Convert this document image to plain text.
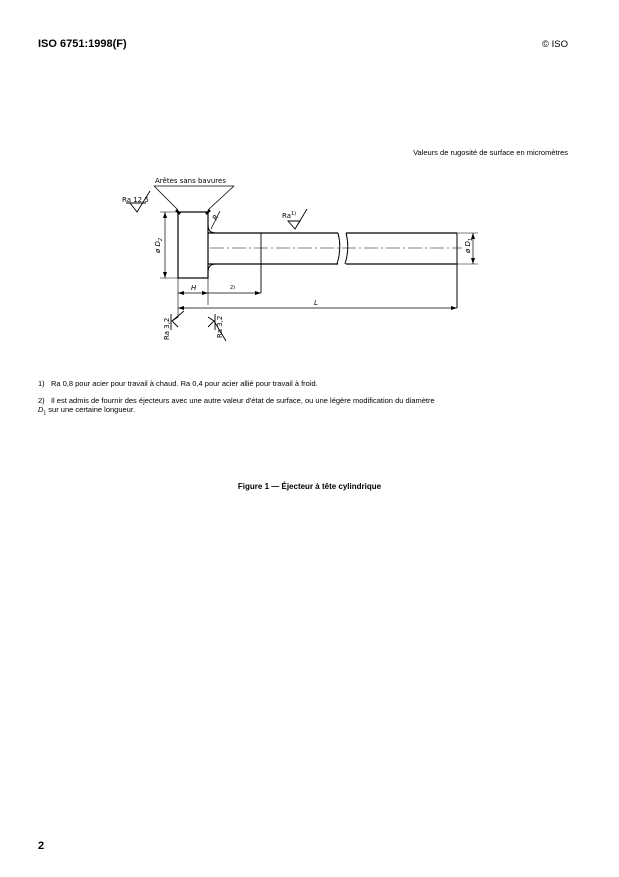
ISO 6751:1998(F)	© ISO
Valeurs de rugosité de surface en micromètres
Arêtes sans bavures
Ra 12,5
Ra$^{1)}$
R
ø $D_2$
ø $D_1$
H	2)
L
Ra 3,2	Ra 3,2
1) Ra 0,8 pour acier pour travail à chaud. Ra 0,4 pour acier allié pour travail à froid.
2) Il est admis de fournir des éjecteurs avec une autre valeur d'état de surface, ou une légère modification du diamètre $D_1$ sur une certaine longueur.
Figure 1 — Éjecteur à tête cylindrique
2
